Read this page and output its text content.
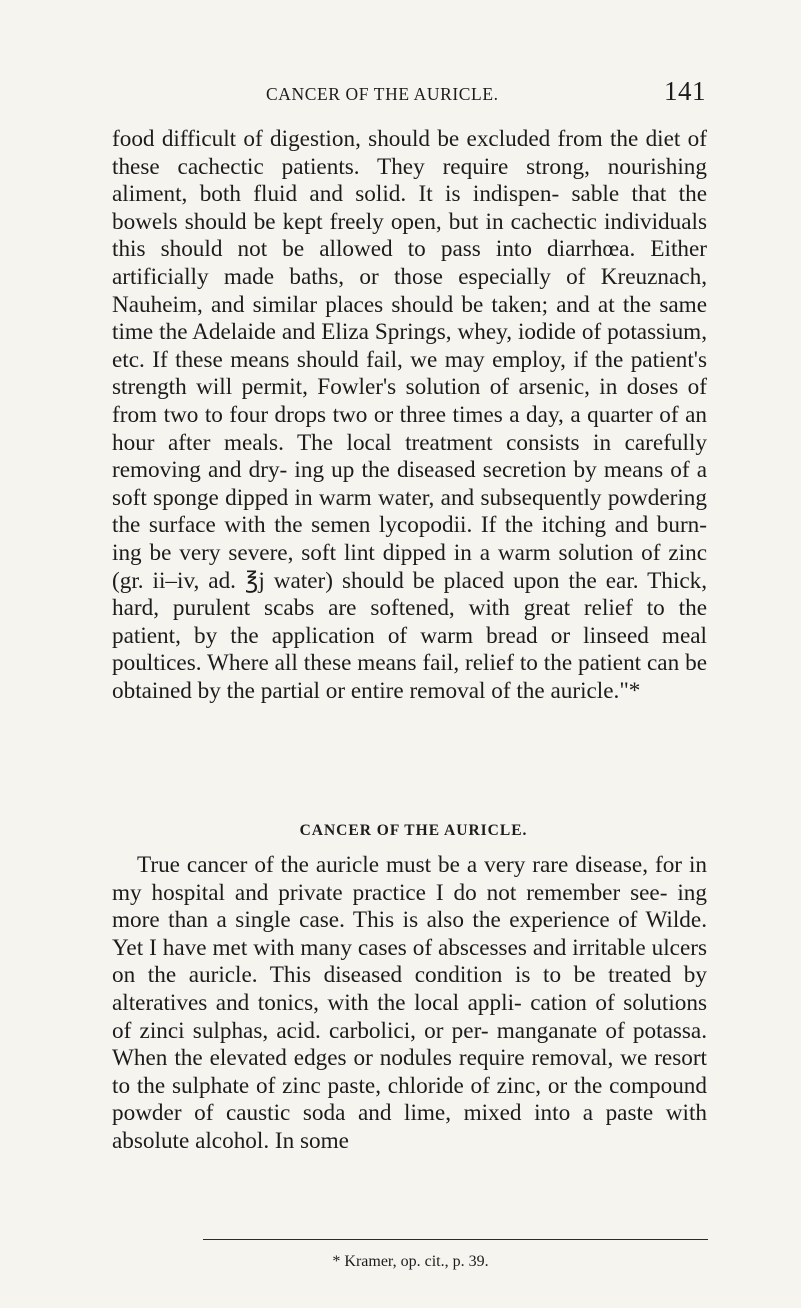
CANCER OF THE AURICLE.	141

food difficult of digestion, should be excluded from the diet of these cachectic patients. They require strong, nourishing aliment, both fluid and solid. It is indispen- sable that the bowels should be kept freely open, but in cachectic individuals this should not be allowed to pass into diarrhœa. Either artificially made baths, or those especially of Kreuznach, Nauheim, and similar places should be taken; and at the same time the Adelaide and Eliza Springs, whey, iodide of potassium, etc. If these means should fail, we may employ, if the patient's strength will permit, Fowler's solution of arsenic, in doses of from two to four drops two or three times a day, a quarter of an hour after meals. The local treatment consists in carefully removing and dry- ing up the diseased secretion by means of a soft sponge dipped in warm water, and subsequently powdering the surface with the semen lycopodii. If the itching and burn- ing be very severe, soft lint dipped in a warm solution of zinc (gr. ii–iv, ad. ℥j water) should be placed upon the ear. Thick, hard, purulent scabs are softened, with great relief to the patient, by the application of warm bread or linseed meal poultices. Where all these means fail, relief to the patient can be obtained by the partial or entire removal of the auricle."*

CANCER OF THE AURICLE.

True cancer of the auricle must be a very rare disease, for in my hospital and private practice I do not remember see- ing more than a single case. This is also the experience of Wilde. Yet I have met with many cases of abscesses and irritable ulcers on the auricle. This diseased condition is to be treated by alteratives and tonics, with the local appli- cation of solutions of zinci sulphas, acid. carbolici, or per- manganate of potassa. When the elevated edges or nodules require removal, we resort to the sulphate of zinc paste, chloride of zinc, or the compound powder of caustic soda and lime, mixed into a paste with absolute alcohol. In some

* Kramer, op. cit., p. 39.
